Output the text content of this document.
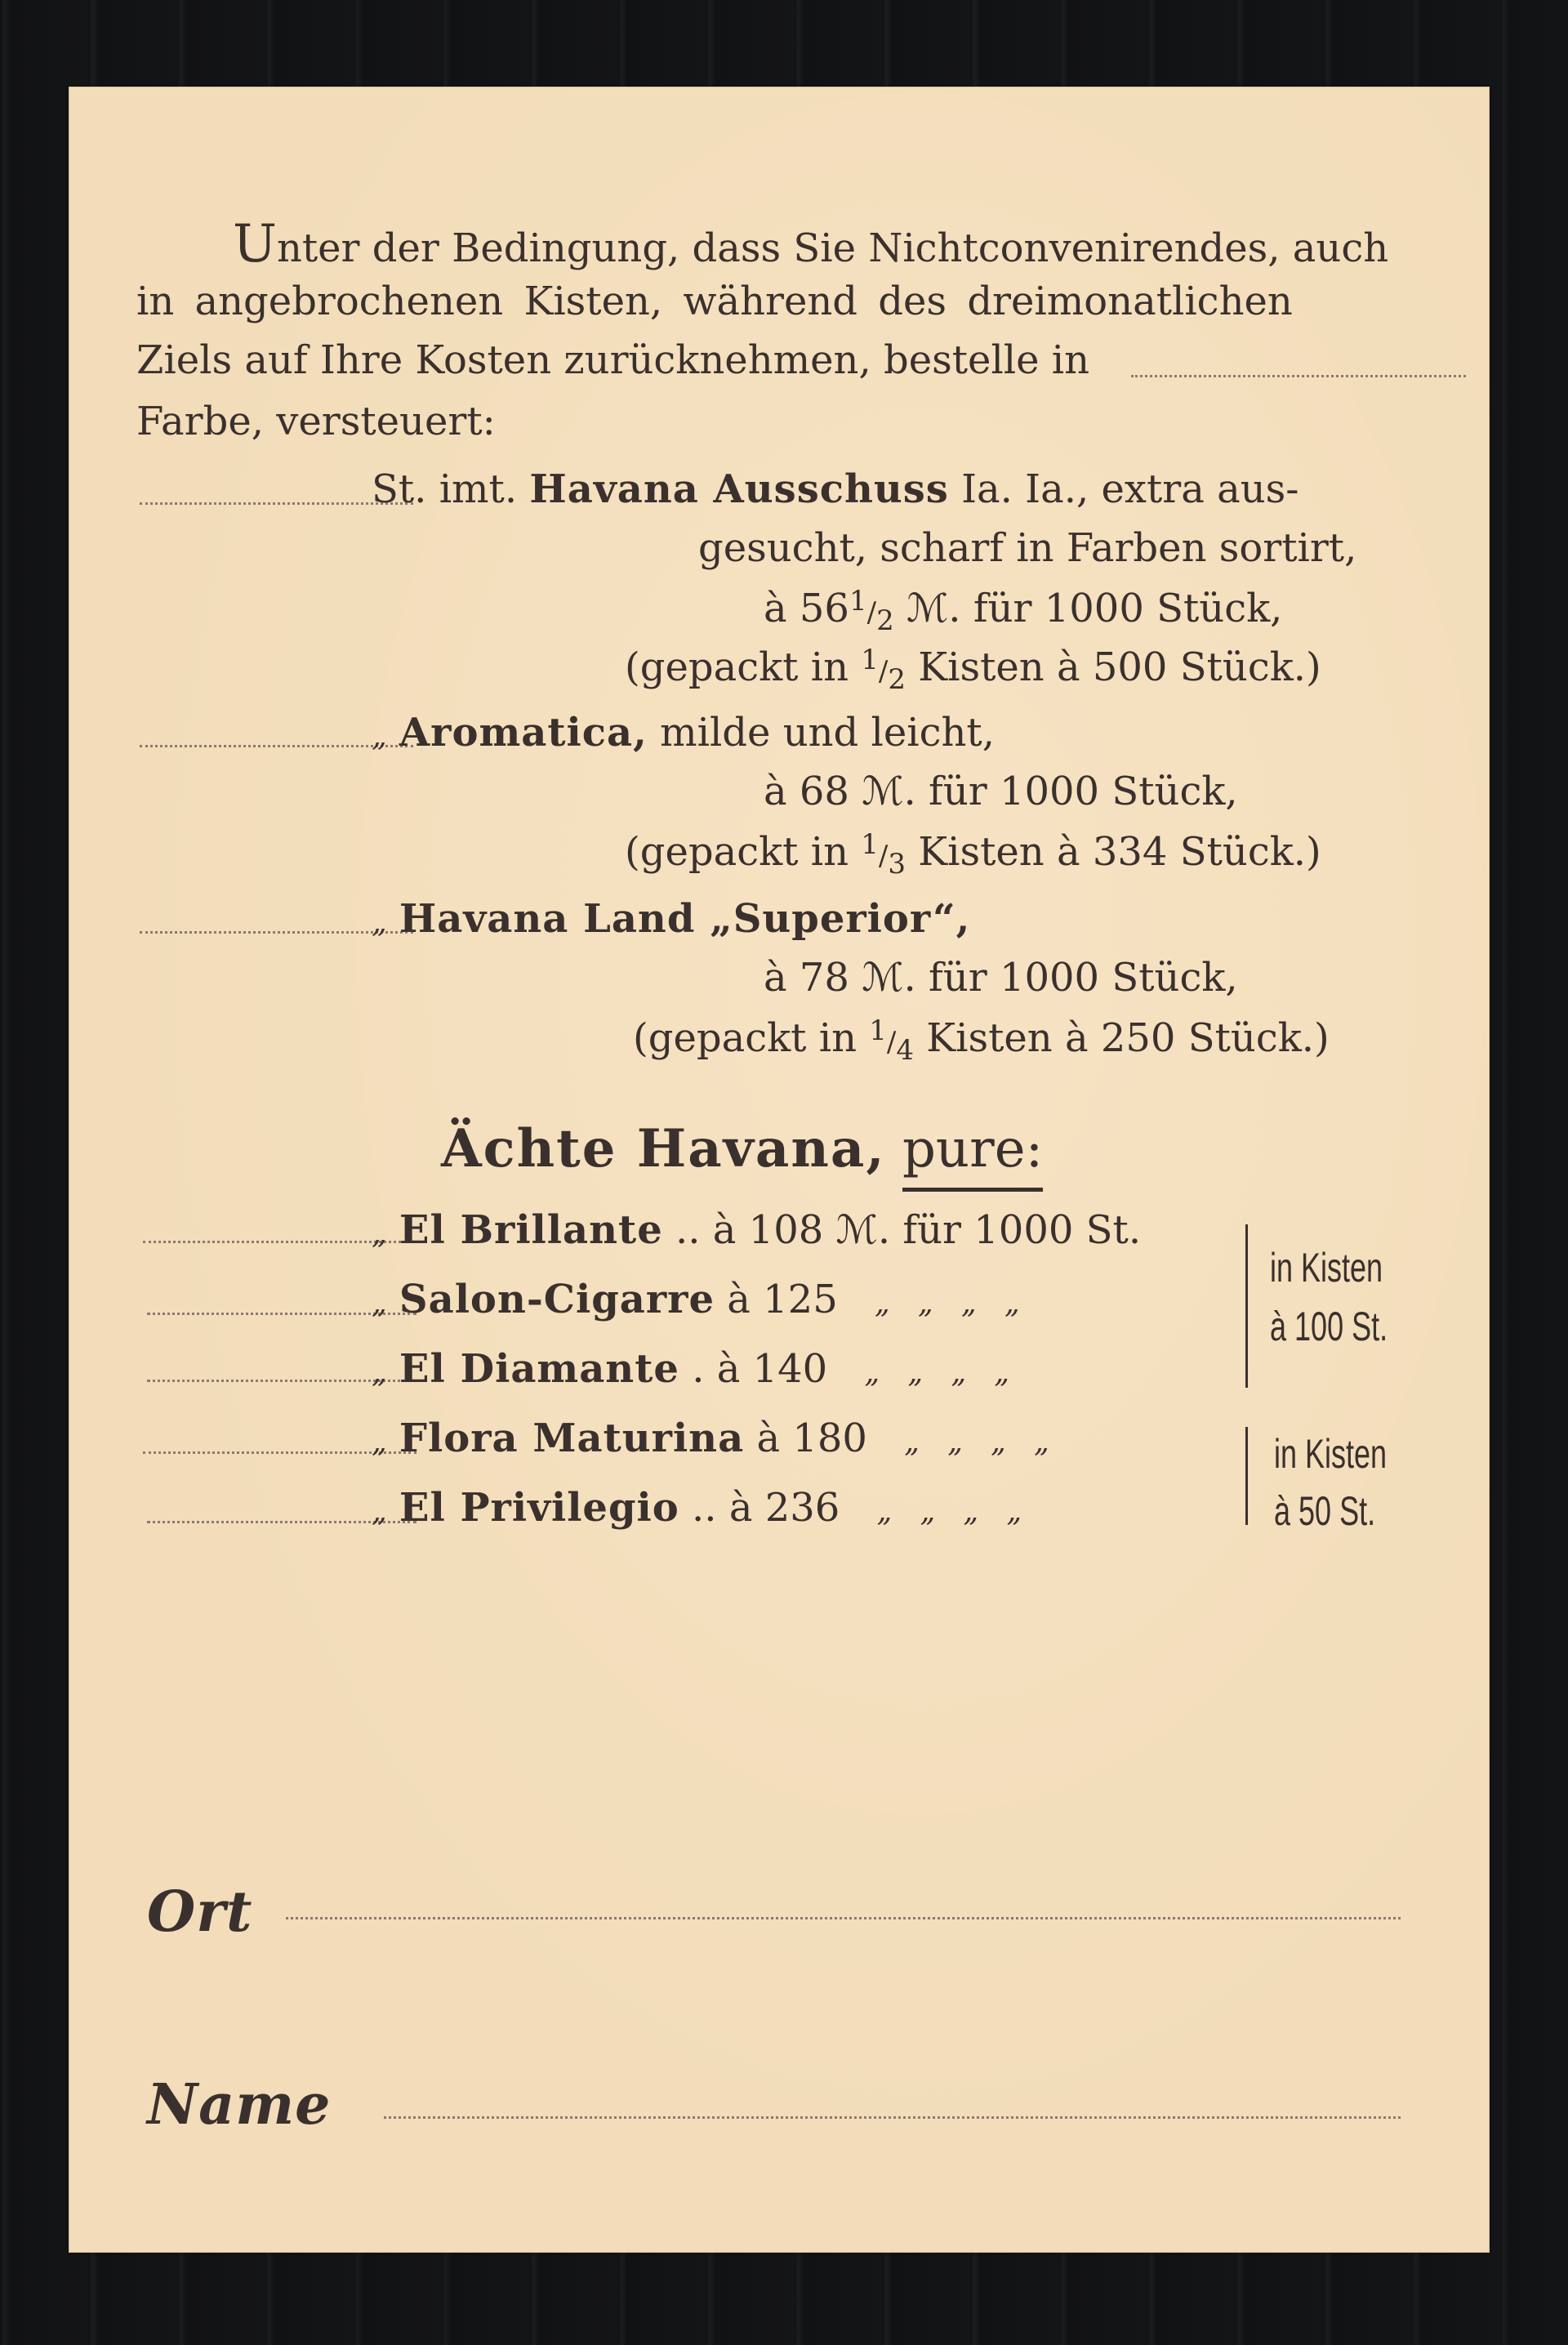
Unter der Bedingung, dass Sie Nichtconvenirendes, auch
in angebrochenen Kisten, während des dreimonatlichen
Ziels auf Ihre Kosten zurücknehmen, bestelle in
Farbe, versteuert:
St. imt. Havana Ausschuss Ia. Ia., extra aus-
gesucht, scharf in Farben sortirt,
à 561/2 ℳ. für 1000 Stück,
(gepackt in 1/2 Kisten à 500 Stück.)
„ Aromatica, milde und leicht,
à 68 ℳ. für 1000 Stück,
(gepackt in 1/3 Kisten à 334 Stück.)
„ Havana Land „Superior“,
à 78 ℳ. für 1000 Stück,
(gepackt in 1/4 Kisten à 250 Stück.)
Ächte Havana, pure:
„ El Brillante .. à 108 ℳ. für 1000 St.
„ Salon-Cigarre à 125 „   „   „   „
„ El Diamante . à 140 „   „   „   „
„ Flora Maturina à 180 „   „   „   „
„ El Privilegio .. à 236 „   „   „   „
in Kisten
à 100 St.
in Kisten
à 50 St.
Ort
Name
